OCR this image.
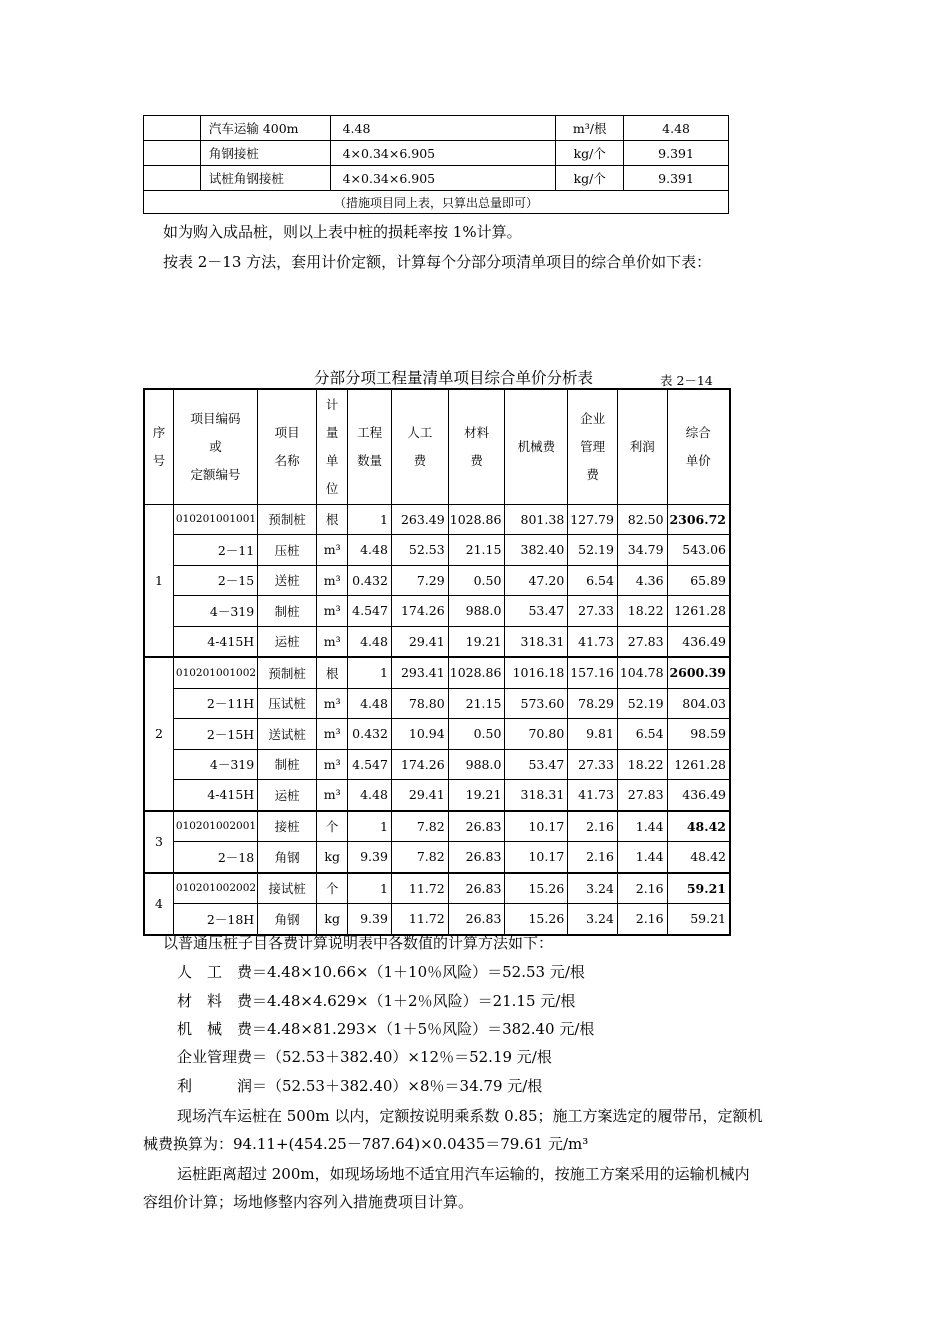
	汽车运输 400m	4.48	m³/根	4.48
	角钢接桩	4×0.34×6.905	kg/个	9.391
	试桩角钢接桩	4×0.34×6.905	kg/个	9.391
（措施项目同上表，只算出总量即可）				
如为购入成品桩，则以上表中桩的损耗率按 1%计算。
按表 2－13 方法，套用计价定额，计算每个分部分项清单项目的综合单价如下表：
分部分项工程量清单项目综合单价分析表	表 2－14
序
号	项目编码
或
定额编号	项目
名称	计
量
单
位	工程
数量	人工
费	材料
费	机械费	企业
管理
费	利润	综合
单价
1	010201001001	预制桩	根	1	263.49	1028.86	801.38	127.79	82.50	2306.72
	2－11	压桩	m³	4.48	52.53	21.15	382.40	52.19	34.79	543.06
	2－15	送桩	m³	0.432	7.29	0.50	47.20	6.54	4.36	65.89
	4－319	制桩	m³	4.547	174.26	988.0	53.47	27.33	18.22	1261.28
	4-415H	运桩	m³	4.48	29.41	19.21	318.31	41.73	27.83	436.49
2	010201001002	预制桩	根	1	293.41	1028.86	1016.18	157.16	104.78	2600.39
	2－11H	压试桩	m³	4.48	78.80	21.15	573.60	78.29	52.19	804.03
	2－15H	送试桩	m³	0.432	10.94	0.50	70.80	9.81	6.54	98.59
	4－319	制桩	m³	4.547	174.26	988.0	53.47	27.33	18.22	1261.28
	4-415H	运桩	m³	4.48	29.41	19.21	318.31	41.73	27.83	436.49
3	010201002001	接桩	个	1	7.82	26.83	10.17	2.16	1.44	48.42
	2－18	角钢	kg	9.39	7.82	26.83	10.17	2.16	1.44	48.42
4	010201002002	接试桩	个	1	11.72	26.83	15.26	3.24	2.16	59.21
	2－18H	角钢	kg	9.39	11.72	26.83	15.26	3.24	2.16	59.21
以普通压桩子目各费计算说明表中各数值的计算方法如下：
人　工　费＝4.48×10.66×（1＋10％风险）＝52.53 元/根
材　料　费＝4.48×4.629×（1＋2％风险）＝21.15 元/根
机　械　费＝4.48×81.293×（1＋5％风险）＝382.40 元/根
企业管理费＝（52.53＋382.40）×12％＝52.19 元/根
利　　　润＝（52.53＋382.40）×8％＝34.79 元/根
现场汽车运桩在 500m 以内，定额按说明乘系数 0.85；施工方案选定的履带吊，定额机
械费换算为：94.11+(454.25－787.64)×0.0435＝79.61 元/m³
运桩距离超过 200m，如现场场地不适宜用汽车运输的，按施工方案采用的运输机械内
容组价计算；场地修整内容列入措施费项目计算。
